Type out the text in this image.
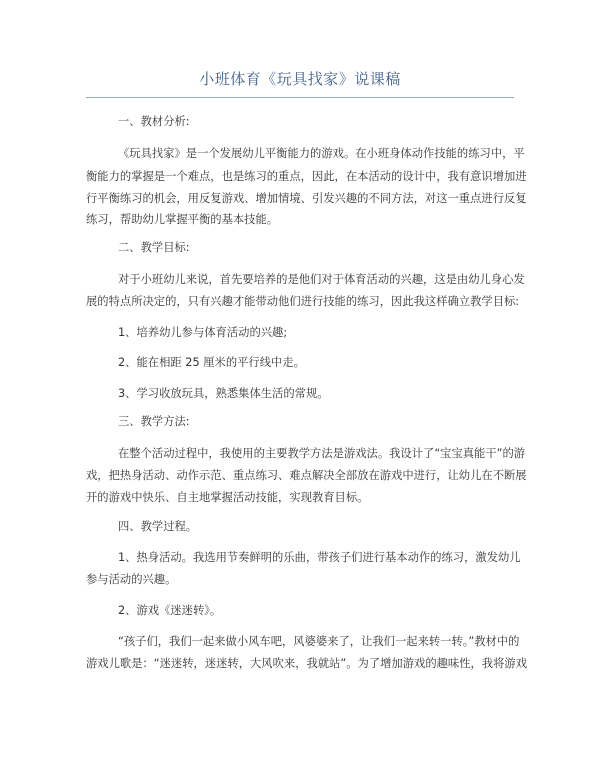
小班体育《玩具找家》说课稿
一、教材分析:
《玩具找家》是一个发展幼儿平衡能力的游戏。在小班身体动作技能的练习中，平
衡能力的掌握是一个难点，也是练习的重点，因此，在本活动的设计中，我有意识增加进
行平衡练习的机会，用反复游戏、增加情境、引发兴趣的不同方法，对这一重点进行反复
练习，帮助幼儿掌握平衡的基本技能。
二、教学目标:
对于小班幼儿来说，首先要培养的是他们对于体育活动的兴趣，这是由幼儿身心发
展的特点所决定的，只有兴趣才能带动他们进行技能的练习，因此我这样确立教学目标:
1、培养幼儿参与体育活动的兴趣;
2、能在相距 25 厘米的平行线中走。
3、学习收放玩具，熟悉集体生活的常规。
三、教学方法:
在整个活动过程中，我使用的主要教学方法是游戏法。我设计了“宝宝真能干”的游
戏，把热身活动、动作示范、重点练习、难点解决全部放在游戏中进行，让幼儿在不断展
开的游戏中快乐、自主地掌握活动技能，实现教育目标。
四、教学过程。
1、热身活动。我选用节奏鲜明的乐曲，带孩子们进行基本动作的练习，激发幼儿
参与活动的兴趣。
2、游戏《迷迷转》。
“孩子们，我们一起来做小风车吧，风婆婆来了，让我们一起来转一转。”教材中的
游戏儿歌是：“迷迷转，迷迷转，大风吹来，我就站”。为了增加游戏的趣味性，我将游戏
